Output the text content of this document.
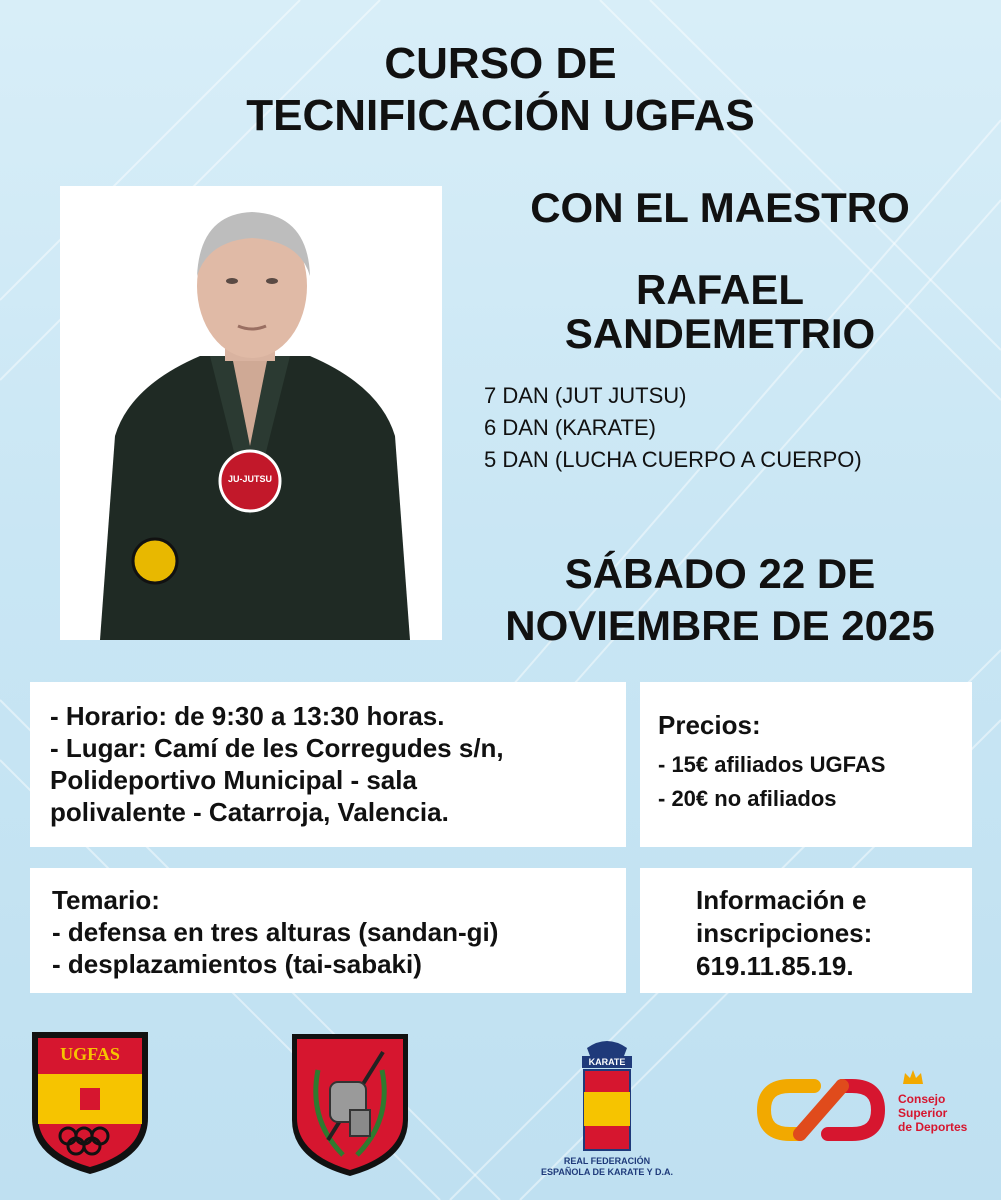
CURSO DE
TECNIFICACIÓN UGFAS
JU-JUTSU
CON EL MAESTRO
RAFAEL
SANDEMETRIO
7 DAN (JUT JUTSU)
6 DAN (KARATE)
5 DAN (LUCHA CUERPO A CUERPO)
SÁBADO 22 DE
NOVIEMBRE DE 2025
- Horario: de 9:30 a 13:30 horas.
- Lugar: Camí de les Corregudes s/n,
Polideportivo Municipal - sala
polivalente - Catarroja, Valencia.
Precios:
- 15€ afiliados UGFAS
- 20€ no afiliados
Temario:
- defensa en tres alturas (sandan-gi)
- desplazamientos (tai-sabaki)
Información e
inscripciones:
619.11.85.19.
UGFAS	KARATE
REAL FEDERACIÓN
ESPAÑOLA DE KARATE Y D.A.
Consejo
Superior
de Deportes
